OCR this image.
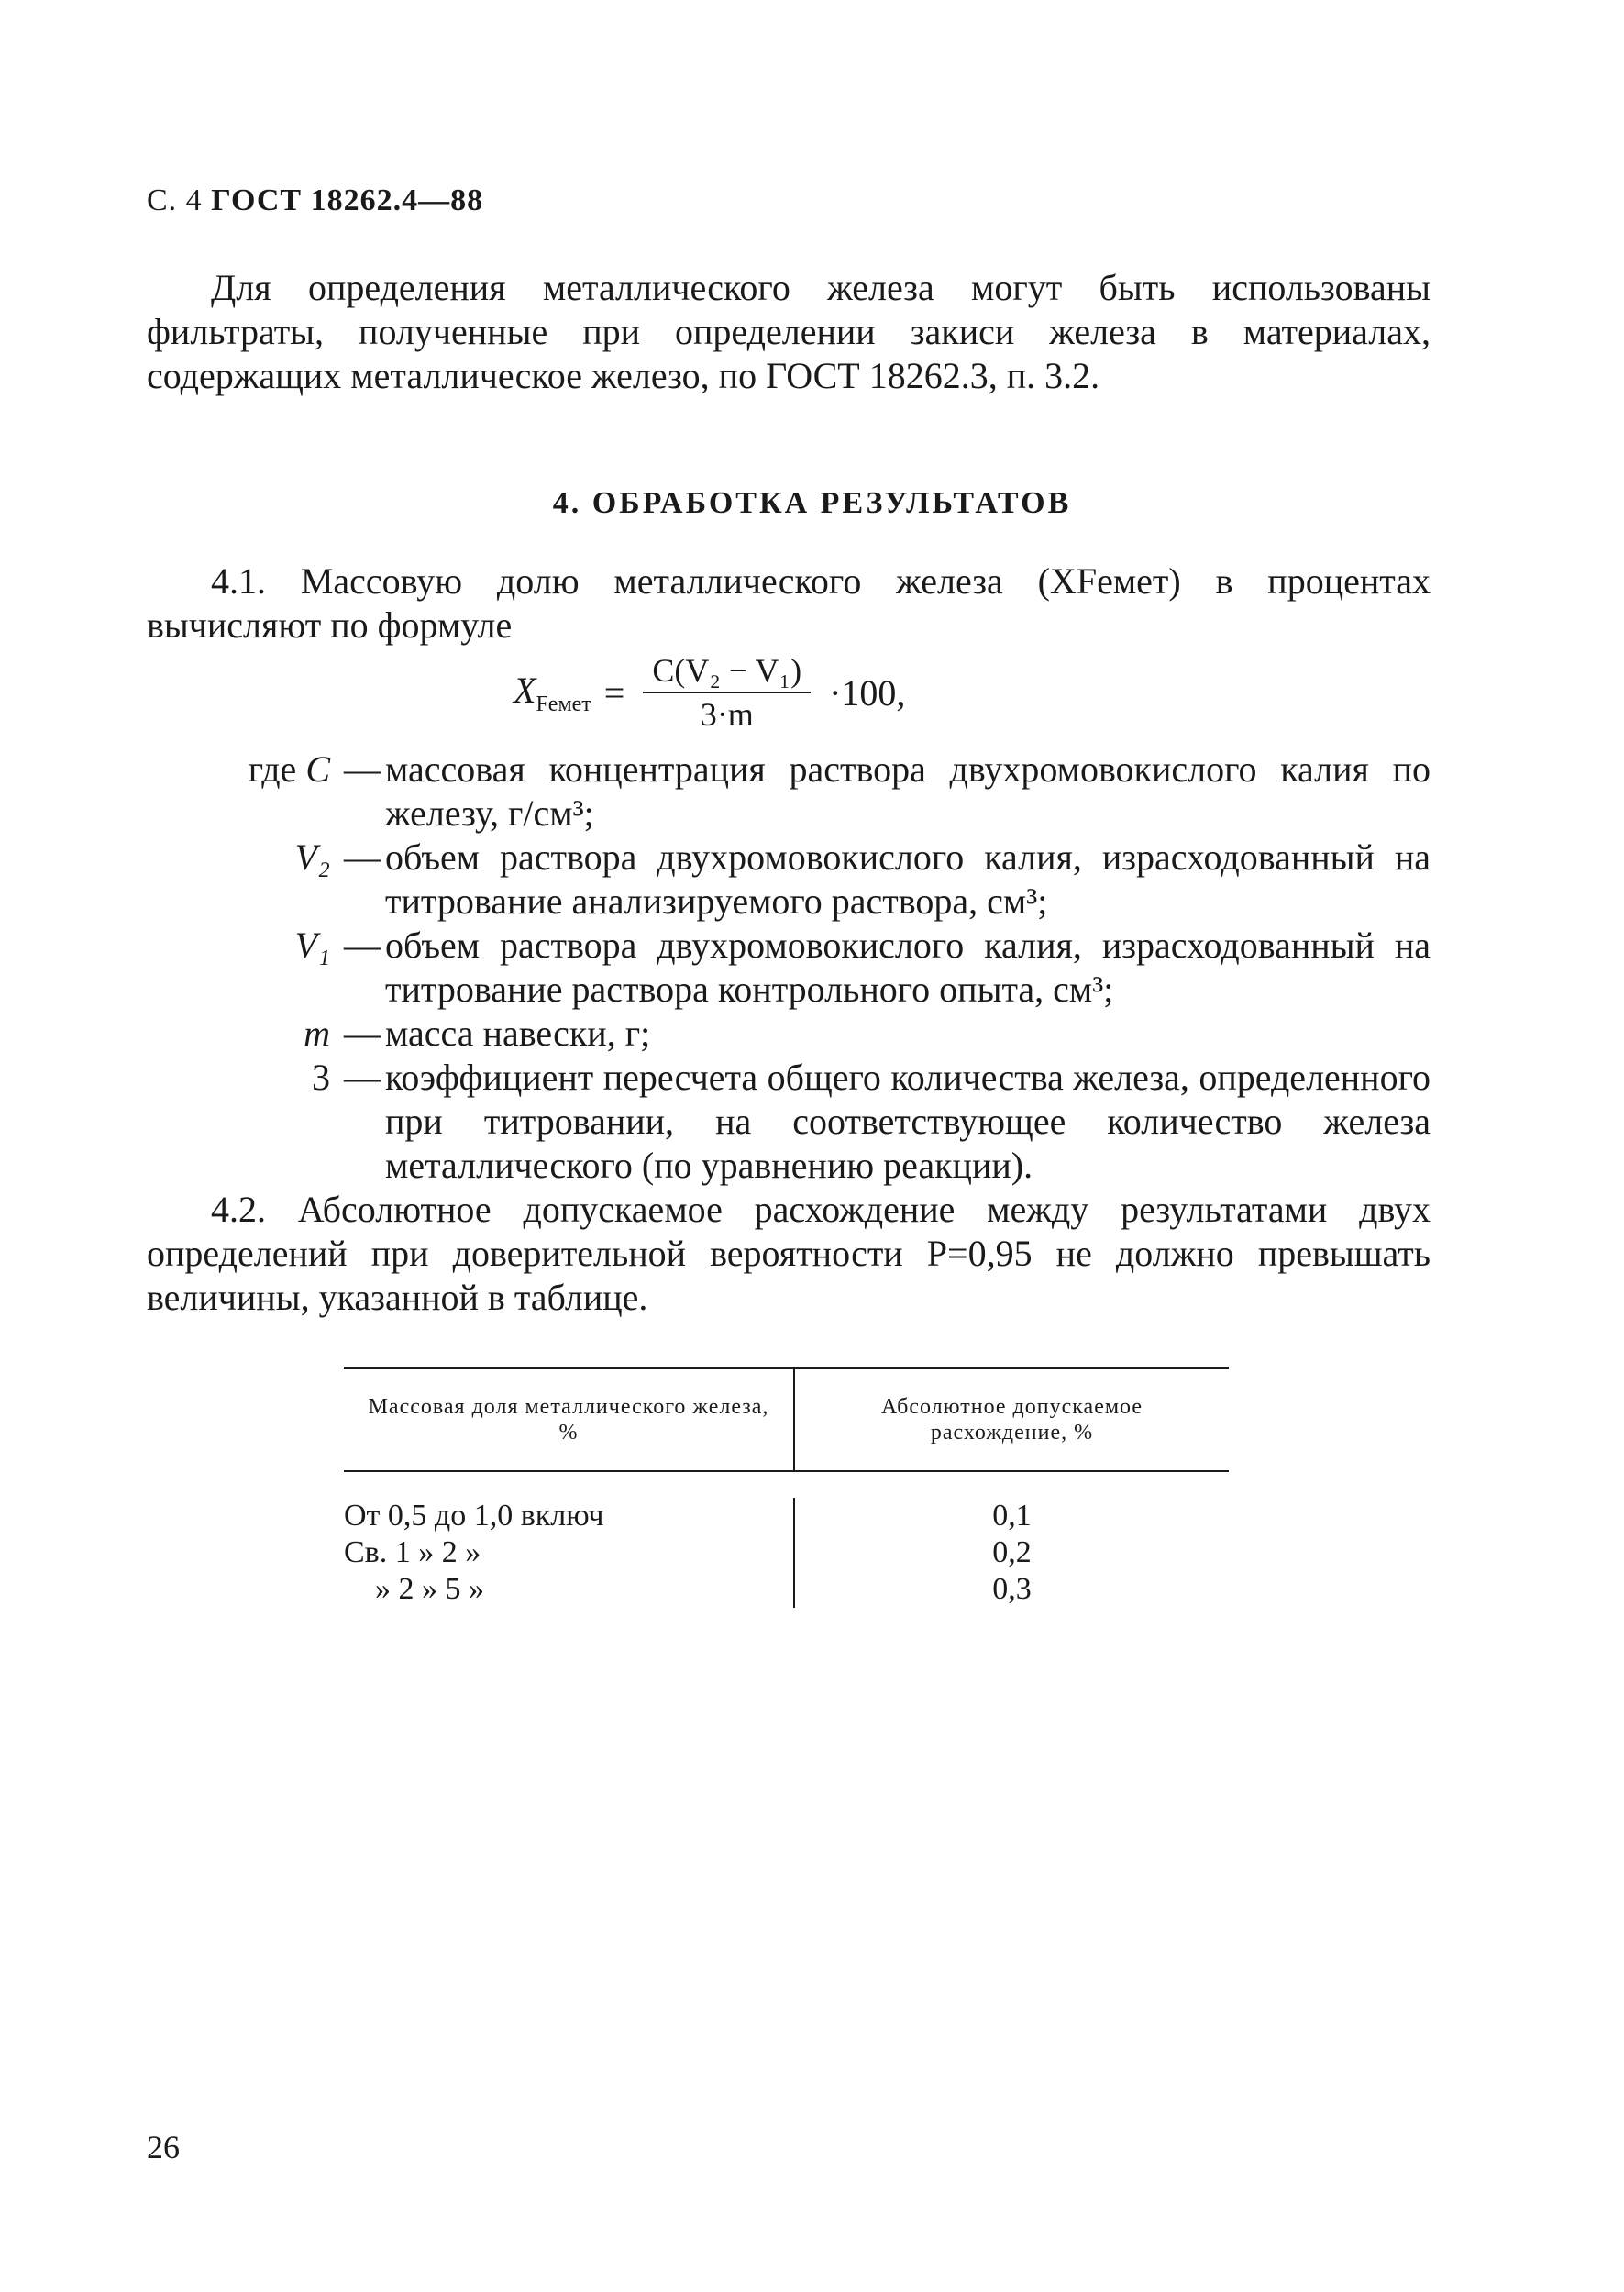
С. 4 ГОСТ 18262.4—88
Для определения металлического железа могут быть использованы фильтраты, полученные при определении закиси железа в материалах, содержащих металлическое железо, по ГОСТ 18262.3, п. 3.2.
4. ОБРАБОТКА РЕЗУЛЬТАТОВ
4.1. Массовую долю металлического железа (XFeмет) в процентах вычисляют по формуле
$X_{Feмет} = \frac{\text{C(V₂ − V₁)}}{3\cdot m} \cdot 100$,
где C — массовая концентрация раствора двухромовокислого калия по железу, г/см³;
V₂ — объем раствора двухромовокислого калия, израсходованный на титрование анализируемого раствора, см³;
V₁ — объем раствора двухромовокислого калия, израсходованный на титрование раствора контрольного опыта, см³;
m — масса навески, г;
3 — коэффициент пересчета общего количества железа, определенного при титровании, на соответствующее количество железа металлического (по уравнению реакции).
4.2. Абсолютное допускаемое расхождение между результатами двух определений при доверительной вероятности P=0,95 не должно превышать величины, указанной в таблице.
Массовая доля металлического железа, %
Абсолютное допускаемое расхождение, %
От 0,5 до 1,0 включ
Св. 1 » 2 »
» 2 » 5 »
0,1
0,2
0,3
26
